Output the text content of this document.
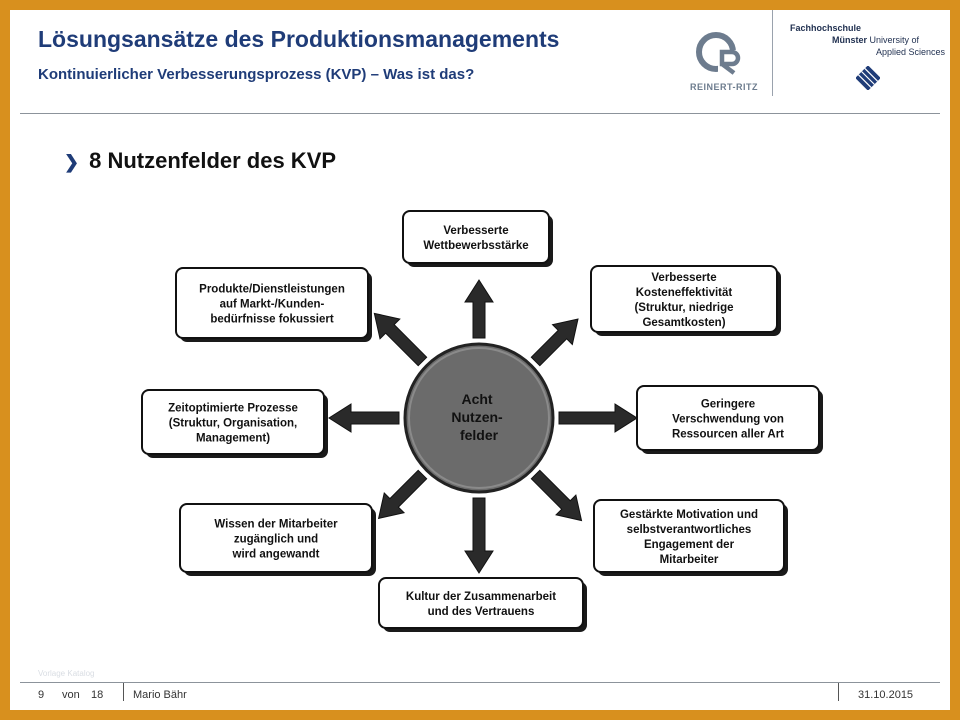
Lösungsansätze des Produktionsmanagements
Kontinuierlicher Verbesserungsprozess (KVP) – Was ist das?
REINERT-RITZ
Fachhochschule
Münster University of
Applied Sciences
❯ 8 Nutzenfelder des KVP
Acht Nutzen- felder
Verbesserte
Wettbewerbsstärke
Verbesserte
Kosteneffektivität
(Struktur, niedrige
Gesamtkosten)
Geringere
Verschwendung von
Ressourcen aller Art
Gestärkte Motivation und
selbstverantwortliches
Engagement der
Mitarbeiter
Kultur der Zusammenarbeit
und des Vertrauens
Wissen der Mitarbeiter
zugänglich und
wird angewandt
Zeitoptimierte Prozesse
(Struktur, Organisation,
Management)
Produkte/Dienstleistungen
auf Markt-/Kunden-
bedürfnisse fokussiert
Vorlage Katalog
9 von 18	Mario Bähr	31.10.2015
